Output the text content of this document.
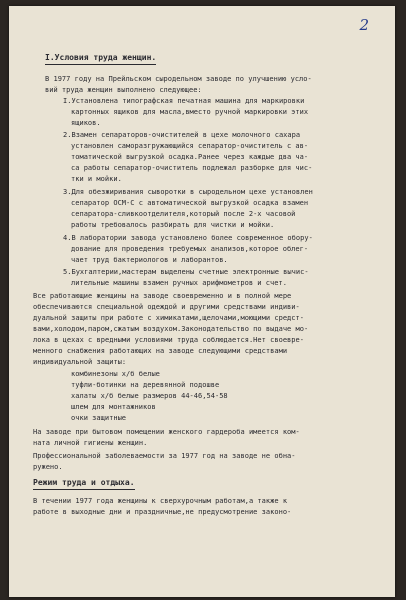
2

I.Условия труда женщин.

В 1977 году на Прейльском сыродельном заводе по улучшению усло-

вий труда женщин выполнено следующее:

I.Установлена типографская печатная машина для маркировки

картонных ящиков для масла,вместо ручной маркировки этих

ящиков.

2.Взамен сепараторов-очистителей в цехе молочного сахара

установлен саморазгружающийся сепаратор-очиститель с ав-

томатической выгрузкой осадка.Ранее через каждые два ча-

са работы сепаратор-очиститель подлежал разборке для чис-

тки и мойки.

3.Для обезжиривания сыворотки в сыродельном цехе установлен

сепаратор ОСМ-С с автоматической выгрузкой осадка взамен

сепаратора-сливкоотделителя,который после 2-х часовой

работы требовалось разбирать для чистки и мойки.

4.В лаборатории завода установлено более современное оборy-

дование для проведения требуемых анализов,которое облег-

чает труд бактериологов и лаборантов.

5.Бухгалтерии,мастерам выделены счетные электронные вычис-

лительные машины взамен ручных арифмометров и счет.

Все работающие женщины на заводе своевременно и в полной мере

обеспечиваются специальной одеждой и другими средствами индиви-

дуальной защиты при работе с химикатами,щелочами,моющими средст-

вами,холодом,паром,сжатым воздухом.Законодательство по выдаче мо-

лока в цехах с вредными условиями труда соблюдается.Нет своевре-

менного снабжения работающих на заводе следующими средствами

индивидуальной защиты:

комбинезоны х/б белые

туфли-ботинки на деревянной подошве

халаты х/б белые размеров 44-46,54-58

шлем для монтажников

очки защитные

На заводе при бытовом помещении женского гардероба имеется ком-

ната личной гигиены женщин.

Профессиональной заболеваемости за 1977 год на заводе не обна-

ружено.

Режим труда и отдыха.

В течении 1977 года женщины к сверхурочным работам,а также к

работе в выходные дни и праздничные,не предусмотрение законо-
